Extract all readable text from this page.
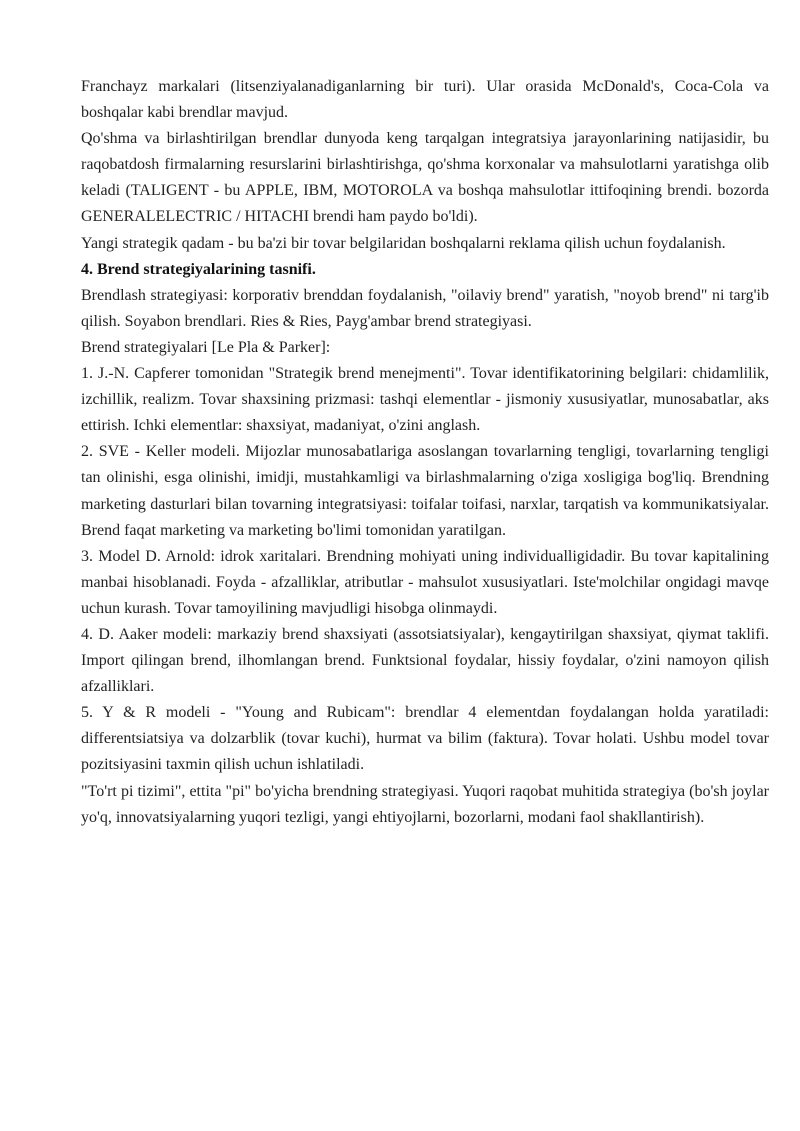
Franchayz markalari (litsenziyalanadiganlarning bir turi). Ular orasida McDonald's, Coca-Cola va boshqalar kabi brendlar mavjud.

Qo'shma va birlashtirilgan brendlar dunyoda keng tarqalgan integratsiya jarayonlarining natijasidir, bu raqobatdosh firmalarning resurslarini birlashtirishga, qo'shma korxonalar va mahsulotlarni yaratishga olib keladi (TALIGENT - bu APPLE, IBM, MOTOROLA va boshqa mahsulotlar ittifoqining brendi. bozorda GENERALELECTRIC / HITACHI brendi ham paydo bo'ldi).

Yangi strategik qadam - bu ba'zi bir tovar belgilaridan boshqalarni reklama qilish uchun foydalanish.

4. Brend strategiyalarining tasnifi.

Brendlash strategiyasi: korporativ brenddan foydalanish, "oilaviy brend" yaratish, "noyob brend" ni targ'ib qilish. Soyabon brendlari. Ries & Ries, Payg'ambar brend strategiyasi.

Brend strategiyalari [Le Pla & Parker]:

1. J.-N. Capferer tomonidan "Strategik brend menejmenti". Tovar identifikatorining belgilari: chidamlilik, izchillik, realizm. Tovar shaxsining prizmasi: tashqi elementlar - jismoniy xususiyatlar, munosabatlar, aks ettirish. Ichki elementlar: shaxsiyat, madaniyat, o'zini anglash.

2. SVE - Keller modeli. Mijozlar munosabatlariga asoslangan tovarlarning tengligi, tovarlarning tengligi tan olinishi, esga olinishi, imidji, mustahkamligi va birlashmalarning o'ziga xosligiga bog'liq. Brendning marketing dasturlari bilan tovarning integratsiyasi: toifalar toifasi, narxlar, tarqatish va kommunikatsiyalar. Brend faqat marketing va marketing bo'limi tomonidan yaratilgan.

3. Model D. Arnold: idrok xaritalari. Brendning mohiyati uning individualligidadir. Bu tovar kapitalining manbai hisoblanadi. Foyda - afzalliklar, atributlar - mahsulot xususiyatlari. Iste'molchilar ongidagi mavqe uchun kurash. Tovar tamoyilining mavjudligi hisobga olinmaydi.

4. D. Aaker modeli: markaziy brend shaxsiyati (assotsiatsiyalar), kengaytirilgan shaxsiyat, qiymat taklifi. Import qilingan brend, ilhomlangan brend. Funktsional foydalar, hissiy foydalar, o'zini namoyon qilish afzalliklari.

5. Y & R modeli - "Young and Rubicam": brendlar 4 elementdan foydalangan holda yaratiladi: differentsiatsiya va dolzarblik (tovar kuchi), hurmat va bilim (faktura). Tovar holati. Ushbu model tovar pozitsiyasini taxmin qilish uchun ishlatiladi.

"To'rt pi tizimi", ettita "pi" bo'yicha brendning strategiyasi. Yuqori raqobat muhitida strategiya (bo'sh joylar yo'q, innovatsiyalarning yuqori tezligi, yangi ehtiyojlarni, bozorlarni, modani faol shakllantirish).
